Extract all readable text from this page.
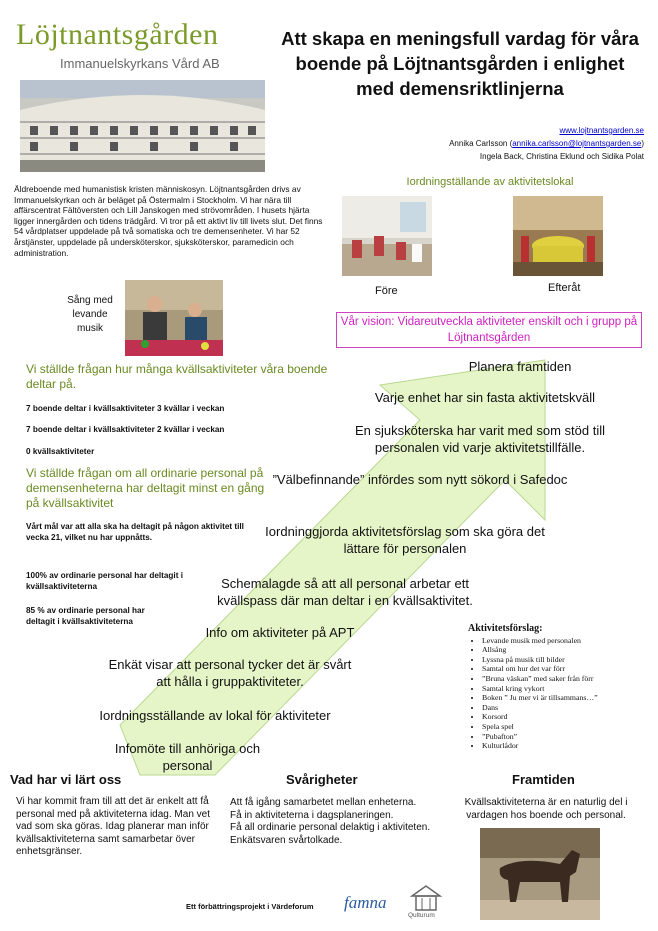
Löjtnantsgården
Immanuelskyrkans Vård AB
Att skapa en meningsfull vardag för våra boende på Löjtnantsgården i enlighet med demensriktlinjerna
www.lojtnantsgarden.se
Annika Carlsson (annika.carlsson@lojtnantsgarden.se)
Ingela Back, Christina Eklund och Sidika Polat
Äldreboende med humanistisk kristen människosyn. Löjtnantsgården drivs av Immanuelskyrkan och är beläget på Östermalm i Stockholm. Vi har nära till affärscentrat Fältöversten och Lill Janskogen med strövområden. I husets hjärta ligger innergården och tidens trädgård. Vi tror på ett aktivt liv till livets slut. Det finns 54 vårdplatser uppdelade på två somatiska och tre demensenheter. Vi har 52 årstjänster, uppdelade på undersköterskor, sjuksköterskor, paramedicin och administration.
Sång med levande musik
Iordningställande av aktivitetslokal
Före	Efteråt
Vår vision: Vidareutveckla aktiviteter enskilt och i grupp på Löjtnantsgården
Vi ställde frågan hur många kvällsaktiviteter våra boende deltar på.
7 boende deltar i kvällsaktiviteter 3 kvällar i veckan
7 boende deltar i kvällsaktiviteter 2 kvällar i veckan
0 kvällsaktiviteter
Vi ställde frågan om all ordinarie personal på demensenheterna har deltagit minst en gång på kvällsaktivitet
Vårt mål var att alla ska ha deltagit på någon aktivitet till vecka 21, vilket nu har uppnåtts.
100% av ordinarie personal har deltagit i kvällsaktiviteterna
85 % av ordinarie personal har deltagit i kvällsaktiviteterna
Planera framtiden
Varje enhet har sin fasta aktivitetskväll
En sjuksköterska har varit med som stöd till personalen vid varje aktivitetstillfälle.
”Välbefinnande” infördes som nytt sökord i Safedoc
Iordninggjorda aktivitetsförslag som ska göra det lättare för personalen
Schemalagde så att all personal arbetar ett kvällspass där man deltar i en kvällsaktivitet.
Info om aktiviteter på APT
Enkät visar att personal tycker det är svårt att hålla i gruppaktiviteter.
Iordningsställande av lokal för aktiviteter
Infomöte till anhöriga och personal
Aktivitetsförslag:
• Levande musik med personalen
• Allsång
• Lyssna på musik till bilder
• Samtal om hur det var förr
• ”Bruna väskan” med saker från förr
• Samtal kring vykort
• Boken ” Ju mer vi är tillsammans…”
• Dans
• Korsord
• Spela spel
• ”Pubafton”
• Kulturlådor
Vad har vi lärt oss
Vi har kommit fram till att det är enkelt att få personal med på aktiviteterna idag. Man vet vad som ska göras. Idag planerar man inför kvällsaktiviteterna samt samarbetar över enhetsgränser.
Svårigheter
Att få igång samarbetet mellan enheterna.
Få in aktiviteterna i dagsplaneringen.
Få all ordinarie personal delaktig i aktiviteten.
Enkätsvaren svårtolkade.
Framtiden
Kvällsaktiviteterna är en naturlig del i vardagen hos boende och personal.
Ett förbättringsprojekt i Värdeforum famna
Qulturum
